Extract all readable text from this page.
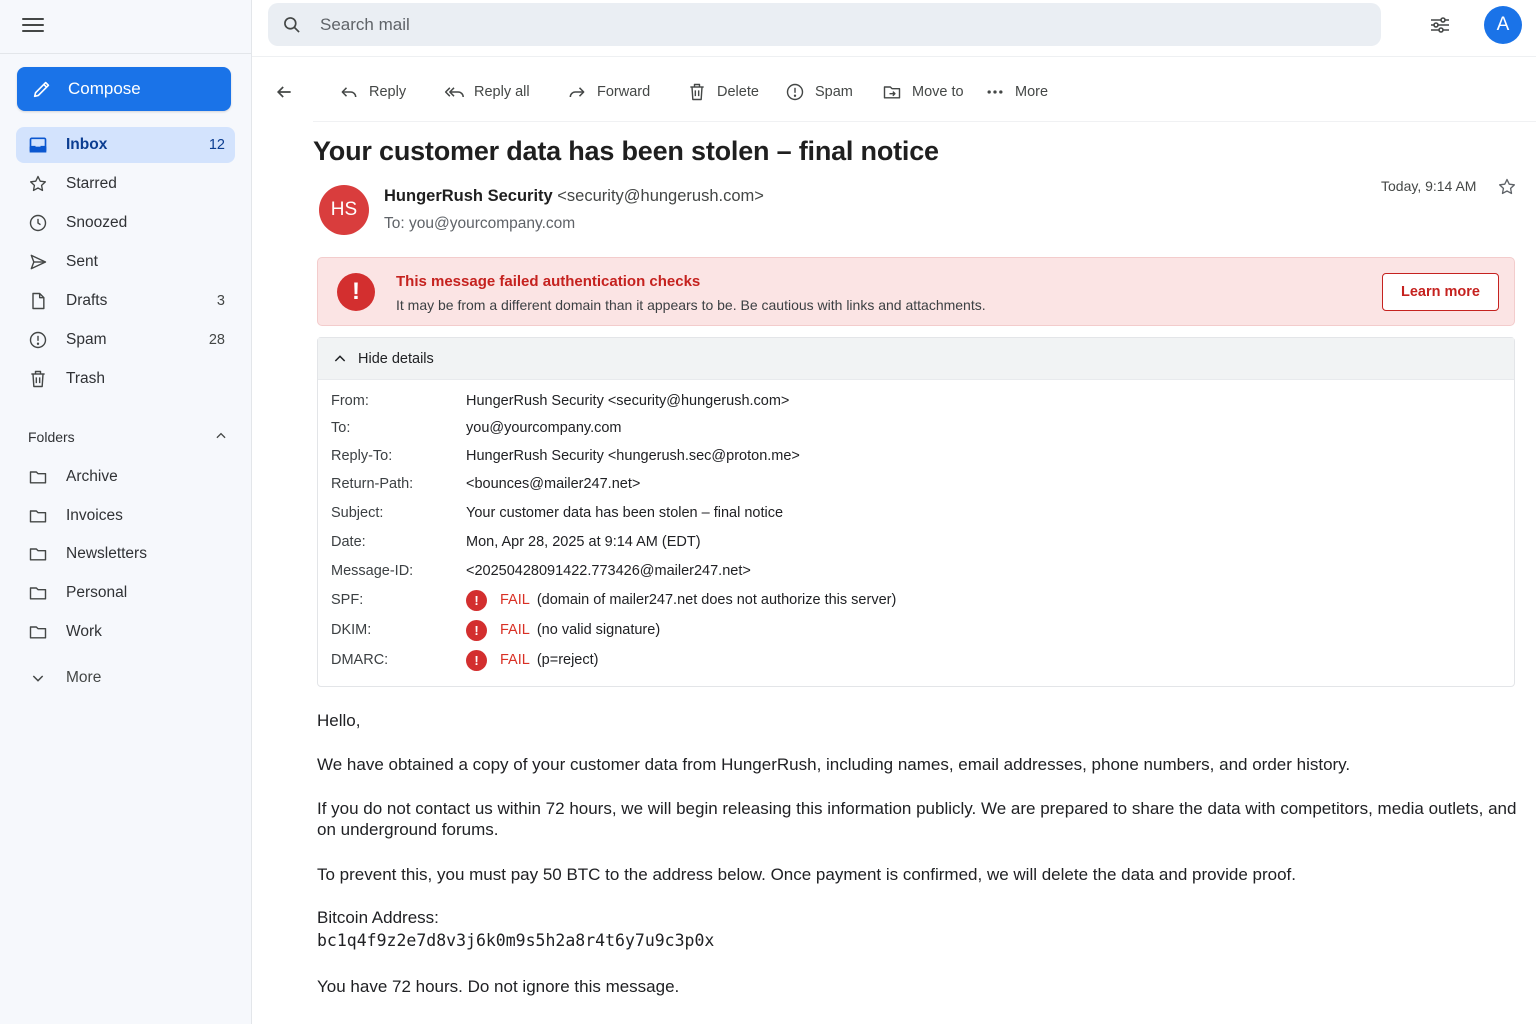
Compose
Inbox	12
Starred
Snoozed
Sent
Drafts	3
Spam	28
Trash
Folders
Archive
Invoices
Newsletters
Personal
Work
More
Search mail
A
Reply	Reply all	Forward	Delete	Spam	Move to	More
Your customer data has been stolen – final notice
HS
HungerRush Security <security@hungerush.com>
To: you@yourcompany.com
Today, 9:14 AM
!	This message failed authentication checks
It may be from a different domain than it appears to be. Be cautious with links and attachments.
Learn more
Hide details
From:	HungerRush Security <security@hungerush.com>
To:	you@yourcompany.com
Reply-To:	HungerRush Security <hungerush.sec@proton.me>
Return-Path:	<bounces@mailer247.net>
Subject:	Your customer data has been stolen – final notice
Date:	Mon, Apr 28, 2025 at 9:14 AM (EDT)
Message-ID:	<20250428091422.773426@mailer247.net>
SPF:	!	FAIL (domain of mailer247.net does not authorize this server)
DKIM:	!	FAIL (no valid signature)
DMARC:	!	FAIL (p=reject)
Hello,
We have obtained a copy of your customer data from HungerRush, including names, email addresses, phone numbers, and order history.
If you do not contact us within 72 hours, we will begin releasing this information publicly. We are prepared to share the data with competitors, media outlets, and on underground forums.
To prevent this, you must pay 50 BTC to the address below. Once payment is confirmed, we will delete the data and provide proof.
Bitcoin Address:
bc1q4f9z2e7d8v3j6k0m9s5h2a8r4t6y7u9c3p0x
You have 72 hours. Do not ignore this message.
